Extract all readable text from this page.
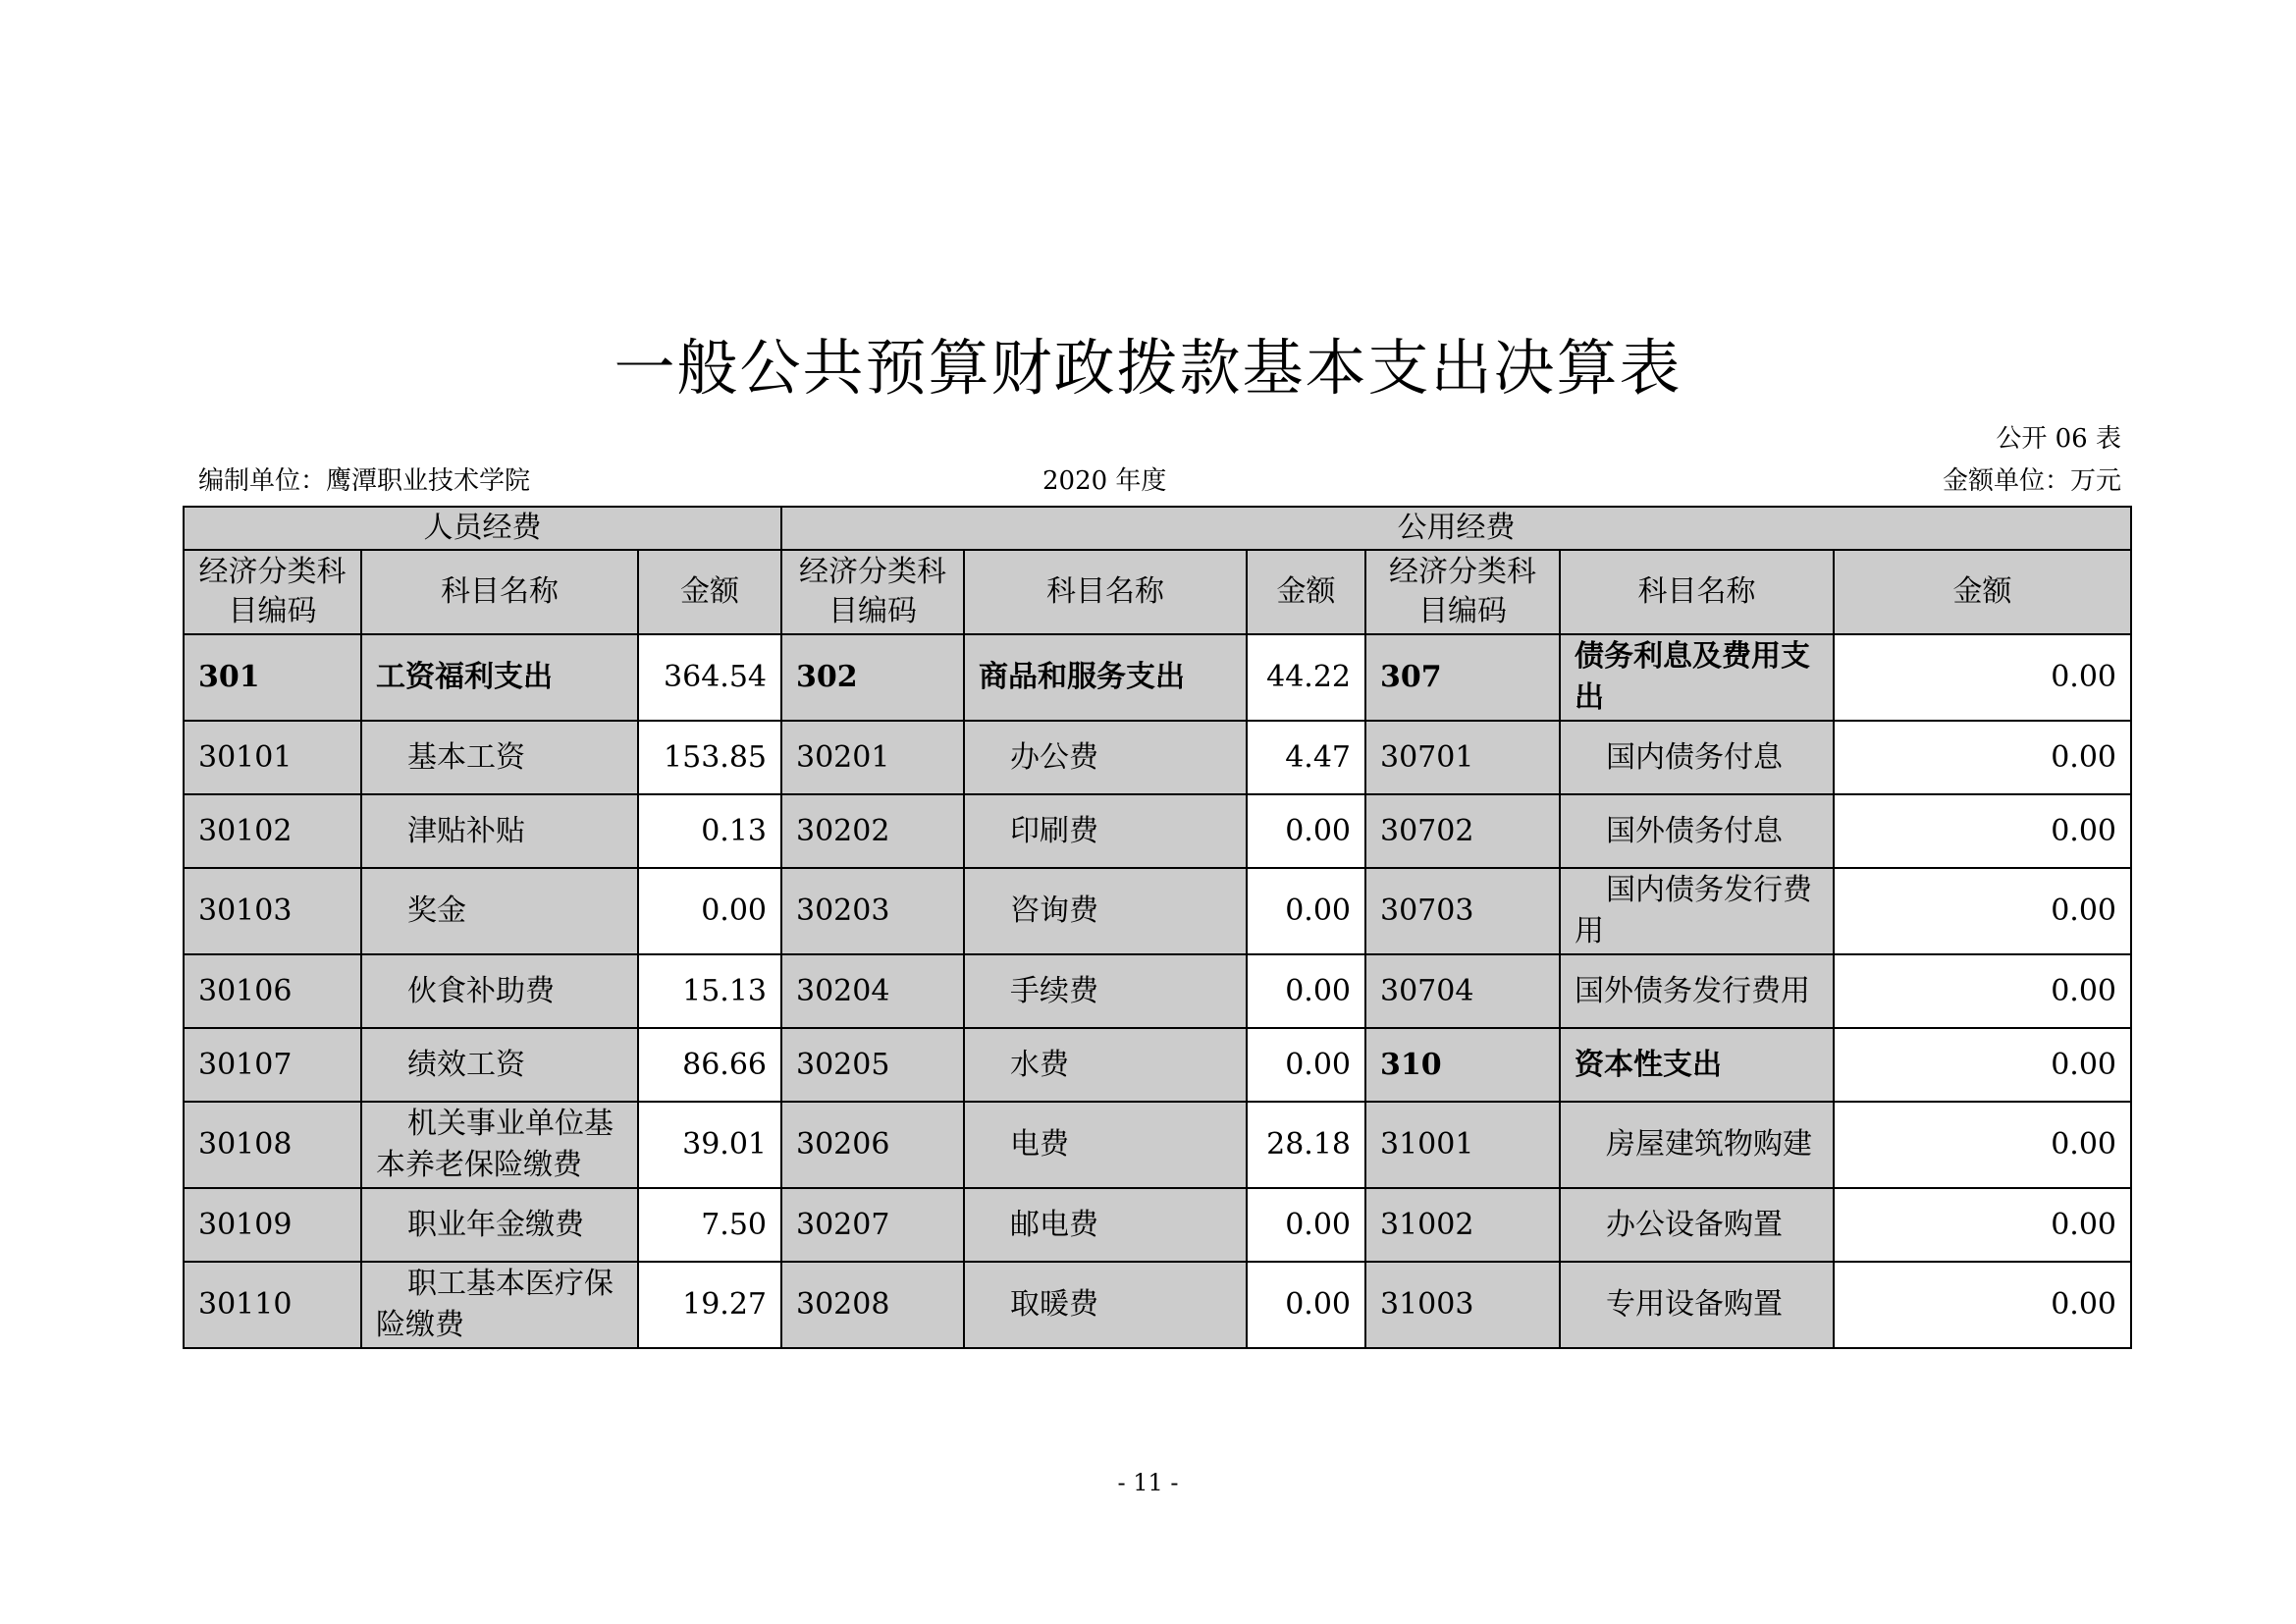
一般公共预算财政拨款基本支出决算表
公开 06 表
编制单位：鹰潭职业技术学院	2020 年度	金额单位：万元
人员经费			公用经费					
经济分类科目编码	科目名称	金额	经济分类科目编码	科目名称	金额	经济分类科目编码	科目名称	金额
301	工资福利支出	364.54	302	商品和服务支出	44.22	307	债务利息及费用支出	0.00
30101	基本工资	153.85	30201	办公费	4.47	30701	国内债务付息	0.00
30102	津贴补贴	0.13	30202	印刷费	0.00	30702	国外债务付息	0.00
30103	奖金	0.00	30203	咨询费	0.00	30703	国内债务发行费用	0.00
30106	伙食补助费	15.13	30204	手续费	0.00	30704	国外债务发行费用	0.00
30107	绩效工资	86.66	30205	水费	0.00	310	资本性支出	0.00
30108	机关事业单位基本养老保险缴费	39.01	30206	电费	28.18	31001	房屋建筑物购建	0.00
30109	职业年金缴费	7.50	30207	邮电费	0.00	31002	办公设备购置	0.00
30110	职工基本医疗保险缴费	19.27	30208	取暖费	0.00	31003	专用设备购置	0.00
- 11 -
